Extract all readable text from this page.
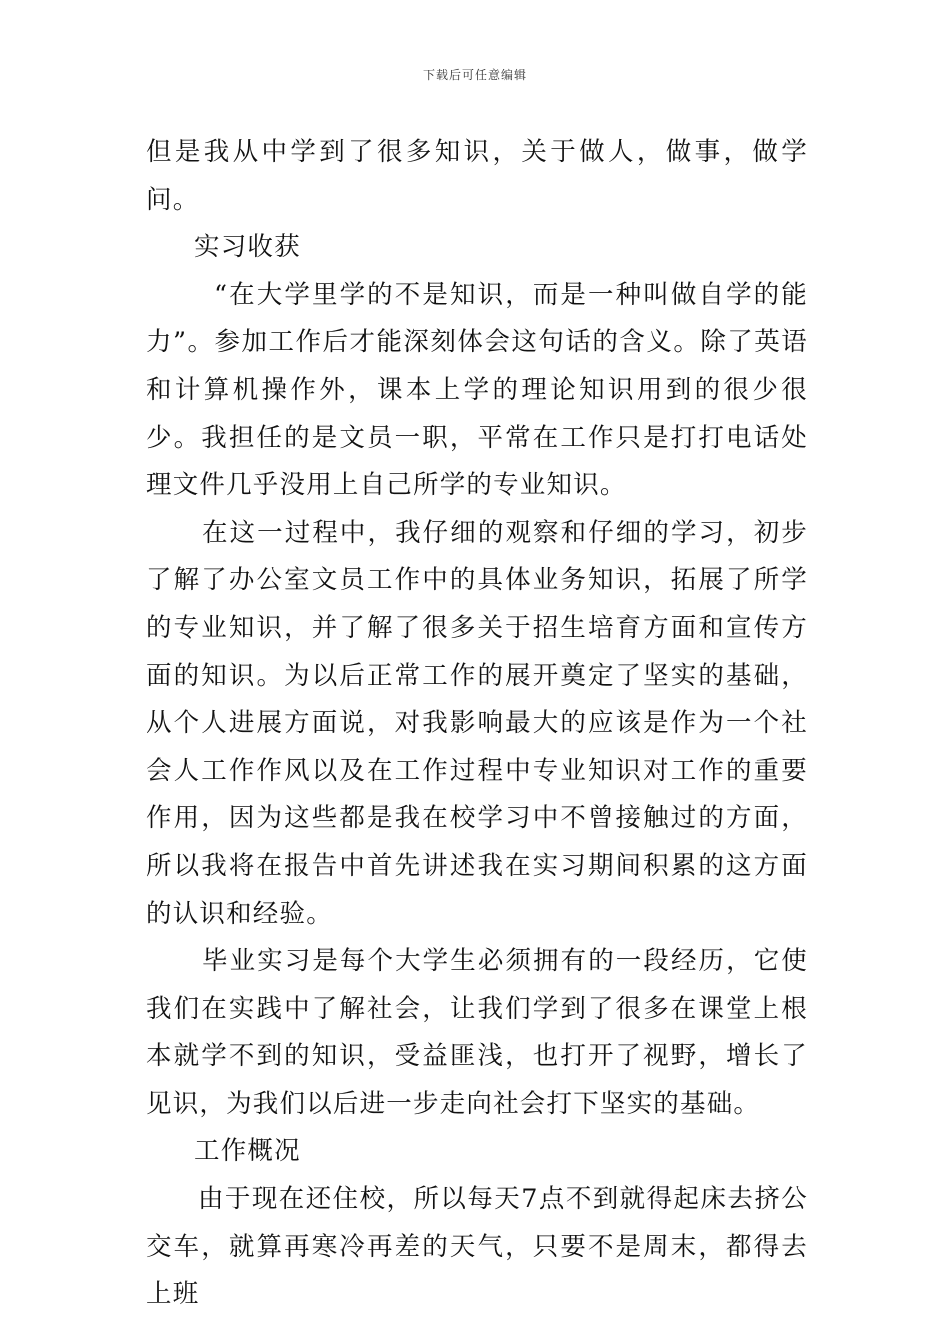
下载后可任意编辑

但是我从中学到了很多知识，关于做人，做事，做学问。

实习收获

“在大学里学的不是知识，而是一种叫做自学的能力”。参加工作后才能深刻体会这句话的含义。除了英语和计算机操作外，课本上学的理论知识用到的很少很少。我担任的是文员一职，平常在工作只是打打电话处理文件几乎没用上自己所学的专业知识。

在这一过程中，我仔细的观察和仔细的学习，初步了解了办公室文员工作中的具体业务知识，拓展了所学的专业知识，并了解了很多关于招生培育方面和宣传方面的知识。为以后正常工作的展开奠定了坚实的基础，从个人进展方面说，对我影响最大的应该是作为一个社会人工作作风以及在工作过程中专业知识对工作的重要作用，因为这些都是我在校学习中不曾接触过的方面，所以我将在报告中首先讲述我在实习期间积累的这方面的认识和经验。

毕业实习是每个大学生必须拥有的一段经历，它使我们在实践中了解社会，让我们学到了很多在课堂上根本就学不到的知识，受益匪浅，也打开了视野，增长了见识，为我们以后进一步走向社会打下坚实的基础。

工作概况

由于现在还住校，所以每天7点不到就得起床去挤公交车，就算再寒冷再差的天气，只要不是周末，都得去上班
